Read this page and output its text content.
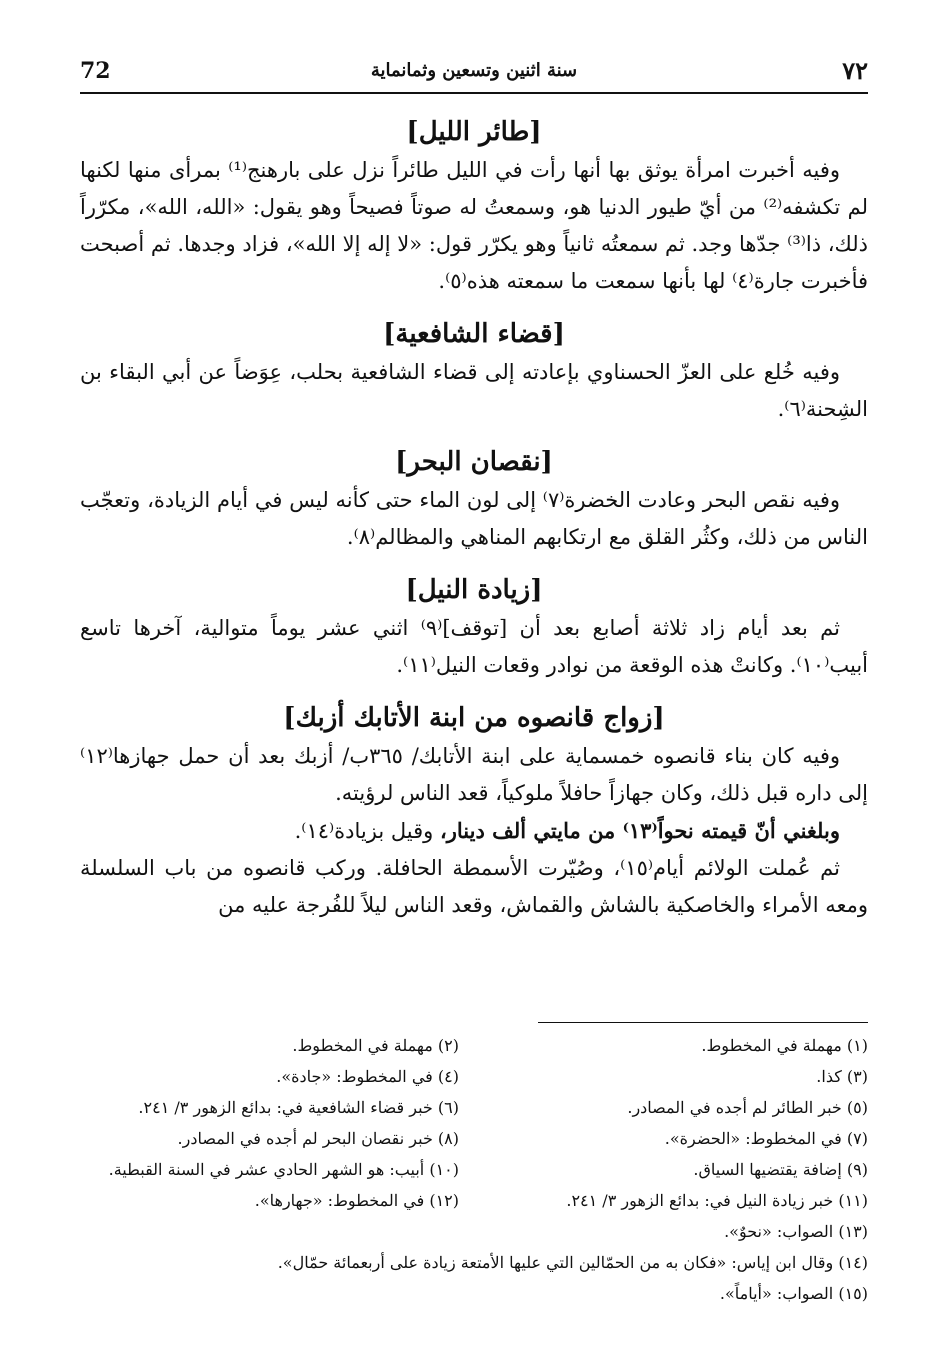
72	سنة اثنين وتسعين وثمانماية	٧٢
[طائر الليل]

وفيه أخبرت امرأة يوثق بها أنها رأت في الليل طائراً نزل على بارهنج⁽¹⁾ بمرأى منها لكنها لم تكشفه⁽²⁾ من أيّ طيور الدنيا هو، وسمعتُ له صوتاً فصيحاً وهو يقول: «الله، الله»، مكرّراً ذلك، ذا⁽³⁾ جدّها وجد. ثم سمعتُه ثانياً وهو يكرّر قول: «لا إله إلا الله»، فزاد وجدها. ثم أصبحت فأخبرت جارة⁽٤⁾ لها بأنها سمعت ما سمعته هذه⁽٥⁾.

[قضاء الشافعية]

وفيه خُلع على العزّ الحسناوي بإعادته إلى قضاء الشافعية بحلب، عِوَضاً عن أبي البقاء بن الشِحنة⁽٦⁾.

[نقصان البحر]

وفيه نقص البحر وعادت الخضرة⁽٧⁾ إلى لون الماء حتى كأنه ليس في أيام الزيادة، وتعجّب الناس من ذلك، وكثُر القلق مع ارتكابهم المناهي والمظالم⁽٨⁾.

[زيادة النيل]

ثم بعد أيام زاد ثلاثة أصابع بعد أن [توقف]⁽٩⁾ اثني عشر يوماً متوالية، آخرها تاسع أبيب⁽١٠⁾. وكانتْ هذه الوقعة من نوادر وقعات النيل⁽١١⁾.

[زواج قانصوه من ابنة الأتابك أزبك]

وفيه كان بناء قانصوه خمسماية على ابنة الأتابك/ ٣٦٥ب/ أزبك بعد أن حمل جهازها⁽١٢⁾ إلى داره قبل ذلك، وكان جهازاً حافلاً ملوكياً، قعد الناس لرؤيته.

وبلغني أنّ قيمته نحواً⁽١٣⁾ من مايتي ألف دينار، وقيل بزيادة⁽١٤⁾.

ثم عُملت الولائم أيام⁽١٥⁾، وصُيّرت الأسمطة الحافلة. وركب قانصوه من باب السلسلة ومعه الأمراء والخاصكية بالشاش والقماش، وقعد الناس ليلاً للفُرجة عليه من

(١) مهملة في المخطوط.
(٢) مهملة في المخطوط.
(٣) كذا.
(٤) في المخطوط: «جادة».
(٥) خبر الطائر لم أجده في المصادر.
(٦) خبر قضاء الشافعية في: بدائع الزهور ٣/ ٢٤١.
(٧) في المخطوط: «الحضرة».
(٨) خبر نقصان البحر لم أجده في المصادر.
(٩) إضافة يقتضيها السياق.
(١٠) أبيب: هو الشهر الحادي عشر في السنة القبطية.
(١١) خبر زيادة النيل في: بدائع الزهور ٣/ ٢٤١.
(١٢) في المخطوط: «جهارها».
(١٣) الصواب: «نحوٌ».
(١٤) وقال ابن إياس: «فكان به من الحمّالين التي عليها الأمتعة زيادة على أربعمائة حمّال».
(١٥) الصواب: «أياماً».
